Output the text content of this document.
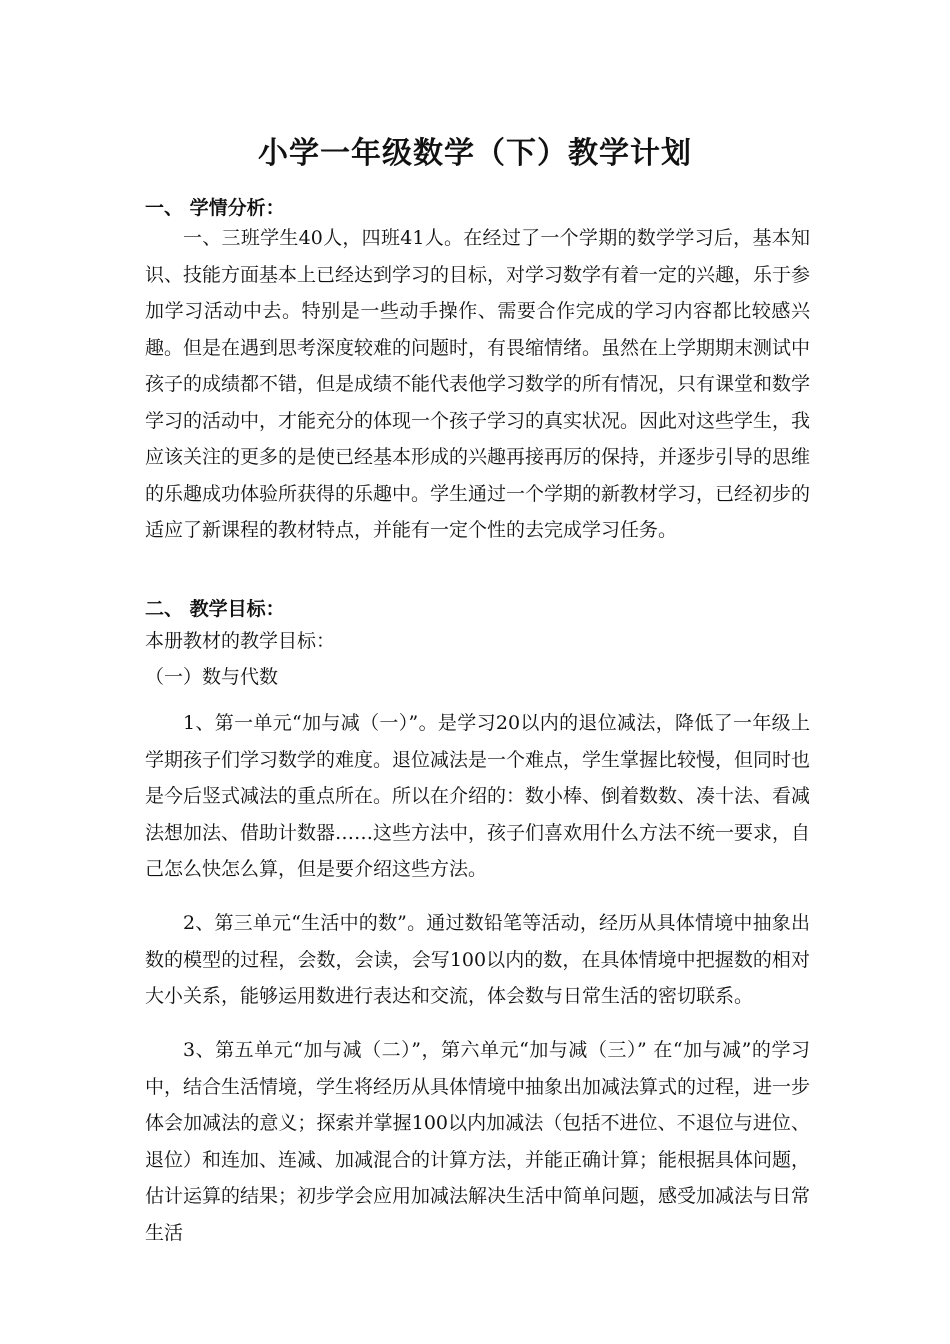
小学一年级数学（下）教学计划
一、 学情分析：

一、三班学生40人，四班41人。在经过了一个学期的数学学习后，基本知识、技能方面基本上已经达到学习的目标，对学习数学有着一定的兴趣，乐于参加学习活动中去。特别是一些动手操作、需要合作完成的学习内容都比较感兴趣。但是在遇到思考深度较难的问题时，有畏缩情绪。虽然在上学期期末测试中孩子的成绩都不错，但是成绩不能代表他学习数学的所有情况，只有课堂和数学学习的活动中，才能充分的体现一个孩子学习的真实状况。因此对这些学生，我应该关注的更多的是使已经基本形成的兴趣再接再厉的保持，并逐步引导的思维的乐趣成功体验所获得的乐趣中。学生通过一个学期的新教材学习，已经初步的适应了新课程的教材特点，并能有一定个性的去完成学习任务。

二、 教学目标：

本册教材的教学目标：

（一）数与代数

1、第一单元“加与减（一）”。是学习20以内的退位减法，降低了一年级上学期孩子们学习数学的难度。退位减法是一个难点，学生掌握比较慢，但同时也是今后竖式减法的重点所在。所以在介绍的：数小棒、倒着数数、凑十法、看减法想加法、借助计数器……这些方法中，孩子们喜欢用什么方法不统一要求，自己怎么快怎么算，但是要介绍这些方法。

2、第三单元“生活中的数”。通过数铅笔等活动，经历从具体情境中抽象出数的模型的过程，会数，会读，会写100以内的数，在具体情境中把握数的相对大小关系，能够运用数进行表达和交流，体会数与日常生活的密切联系。

3、第五单元“加与减（二）”，第六单元“加与减（三）” 在“加与减”的学习中，结合生活情境，学生将经历从具体情境中抽象出加减法算式的过程，进一步体会加减法的意义；探索并掌握100以内加减法（包括不进位、不退位与进位、退位）和连加、连减、加减混合的计算方法，并能正确计算；能根据具体问题，估计运算的结果；初步学会应用加减法解决生活中简单问题，感受加减法与日常生活
